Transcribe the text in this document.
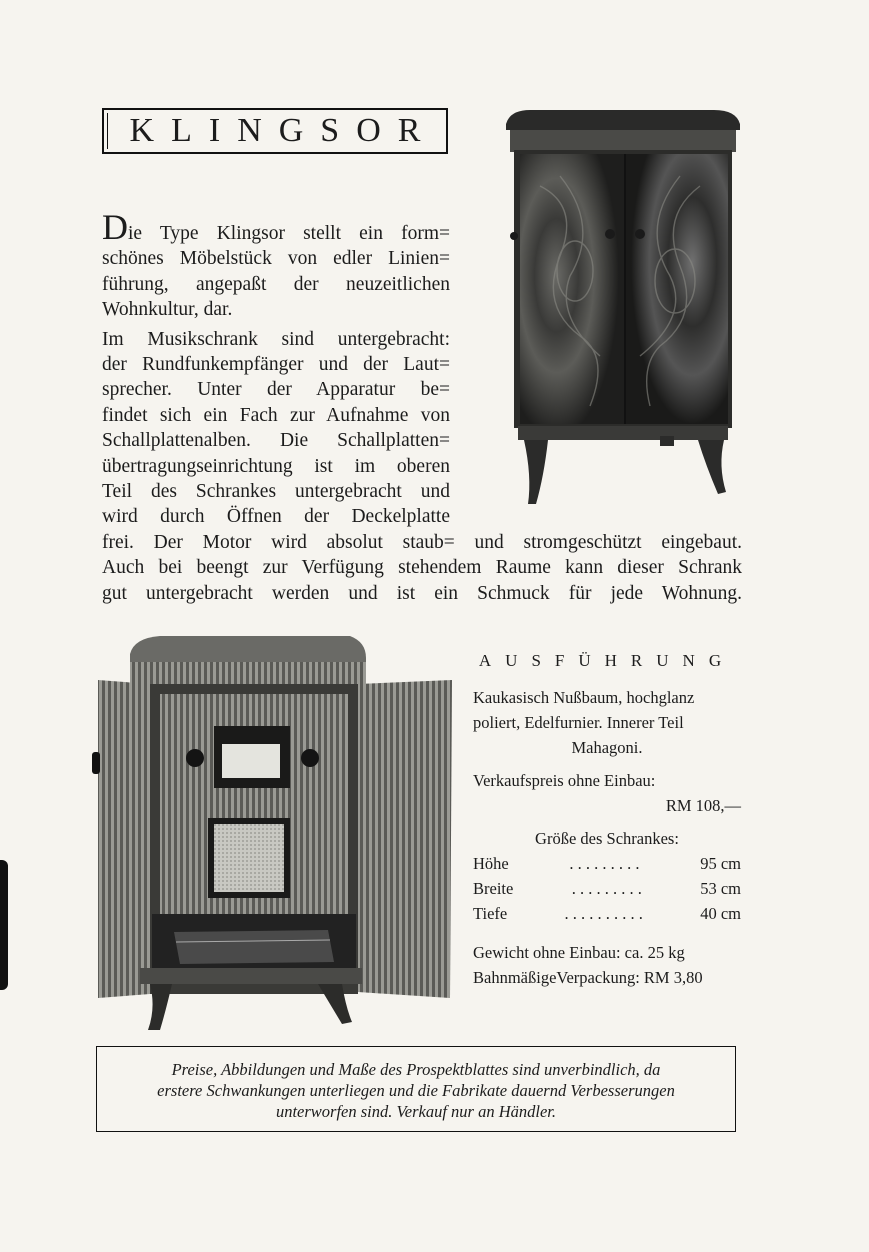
KLINGSOR

Die Type Klingsor stellt ein form=

schönes Möbelstück von edler Linien=

führung, angepaßt der neuzeitlichen

Wohnkultur, dar.

Im Musikschrank sind untergebracht:

der Rundfunkempfänger und der Laut=

sprecher. Unter der Apparatur be=

findet sich ein Fach zur Aufnahme von

Schallplattenalben. Die Schallplatten=

übertragungseinrichtung ist im oberen

Teil des Schrankes untergebracht und

wird durch Öffnen der Deckelplatte

frei. Der Motor wird absolut staub= und stromgeschützt eingebaut.
Auch bei beengt zur Verfügung stehendem Raume kann dieser Schrank
gut untergebracht werden und ist ein Schmuck für jede Wohnung.
AUSFÜHRUNG
Kaukasisch Nußbaum, hochglanz
poliert, Edelfurnier. Innerer Teil
Mahagoni.
Verkaufspreis ohne Einbau:
RM 108,—
Größe des Schrankes:
Höhe	. . . . . . . . .	95 cm
Breite	. . . . . . . . .	53 cm
Tiefe	. . . . . . . . . .	40 cm
Gewicht ohne Einbau: ca. 25 kg
BahnmäßigeVerpackung: RM 3,80
Preise, Abbildungen und Maße des Prospektblattes sind unverbindlich, da
erstere Schwankungen unterliegen und die Fabrikate dauernd Verbesserungen
unterworfen sind. Verkauf nur an Händler.
